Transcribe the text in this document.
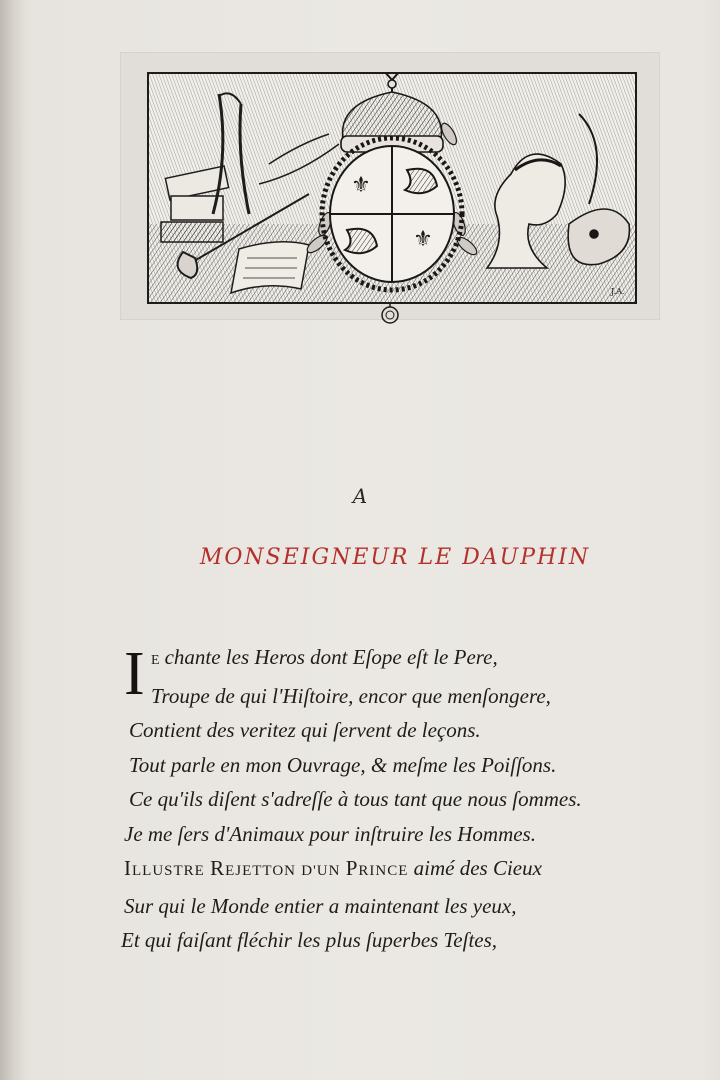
⚜
⚜
J.A.
A
MONSEIGNEUR LE DAUPHIN
I E chante les Heros dont Eſope eſt le Pere,
Troupe de qui l'Hiſtoire, encor que menſongere,
Contient des veritez qui ſervent de leçons.
Tout parle en mon Ouvrage, & meſme les Poiſſons.
Ce qu'ils diſent s'adreſſe à tous tant que nous ſommes.
Je me ſers d'Animaux pour inſtruire les Hommes.
ILLUSTRE REJETTON D'UN PRINCE aimé des Cieux
Sur qui le Monde entier a maintenant les yeux,
Et qui faiſant fléchir les plus ſuperbes Teſtes,
